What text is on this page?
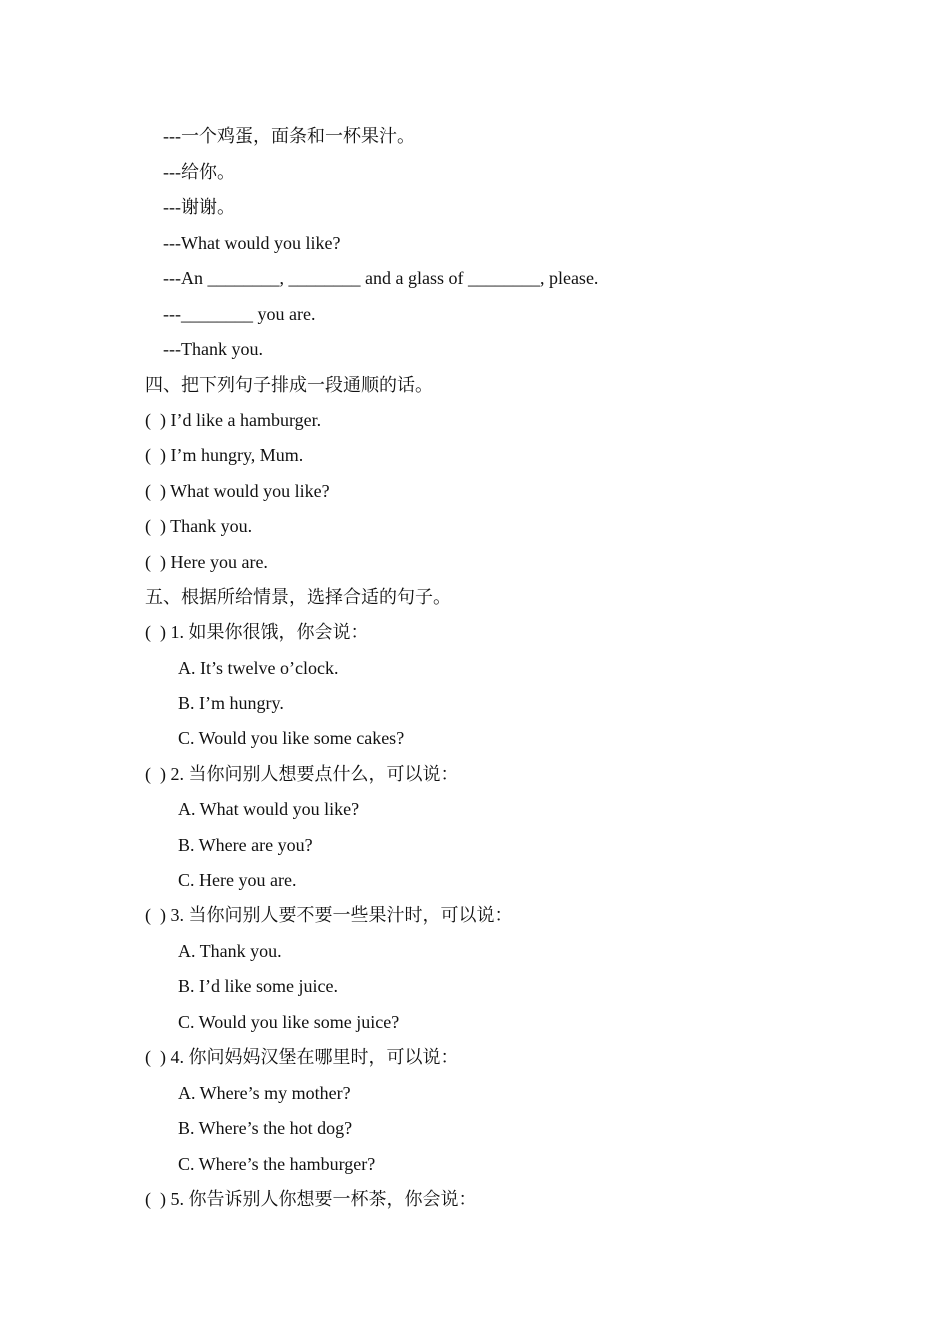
---一个鸡蛋，面条和一杯果汁。
---给你。
---谢谢。
---What would you like?
---An ________, ________ and a glass of ________, please.
---________ you are.
---Thank you.
四、把下列句子排成一段通顺的话。
(  ) I’d like a hamburger.
(  ) I’m hungry, Mum.
(  ) What would you like?
(  ) Thank you.
(  ) Here you are.
五、根据所给情景，选择合适的句子。
(  ) 1. 如果你很饿，你会说：
A. It’s twelve o’clock.
B. I’m hungry.
C. Would you like some cakes?
(  ) 2. 当你问别人想要点什么，可以说：
A. What would you like?
B. Where are you?
C. Here you are.
(  ) 3. 当你问别人要不要一些果汁时，可以说：
A. Thank you.
B. I’d like some juice.
C. Would you like some juice?
(  ) 4. 你问妈妈汉堡在哪里时，可以说：
A. Where’s my mother?
B. Where’s the hot dog?
C. Where’s the hamburger?
(  ) 5. 你告诉别人你想要一杯茶，你会说：
